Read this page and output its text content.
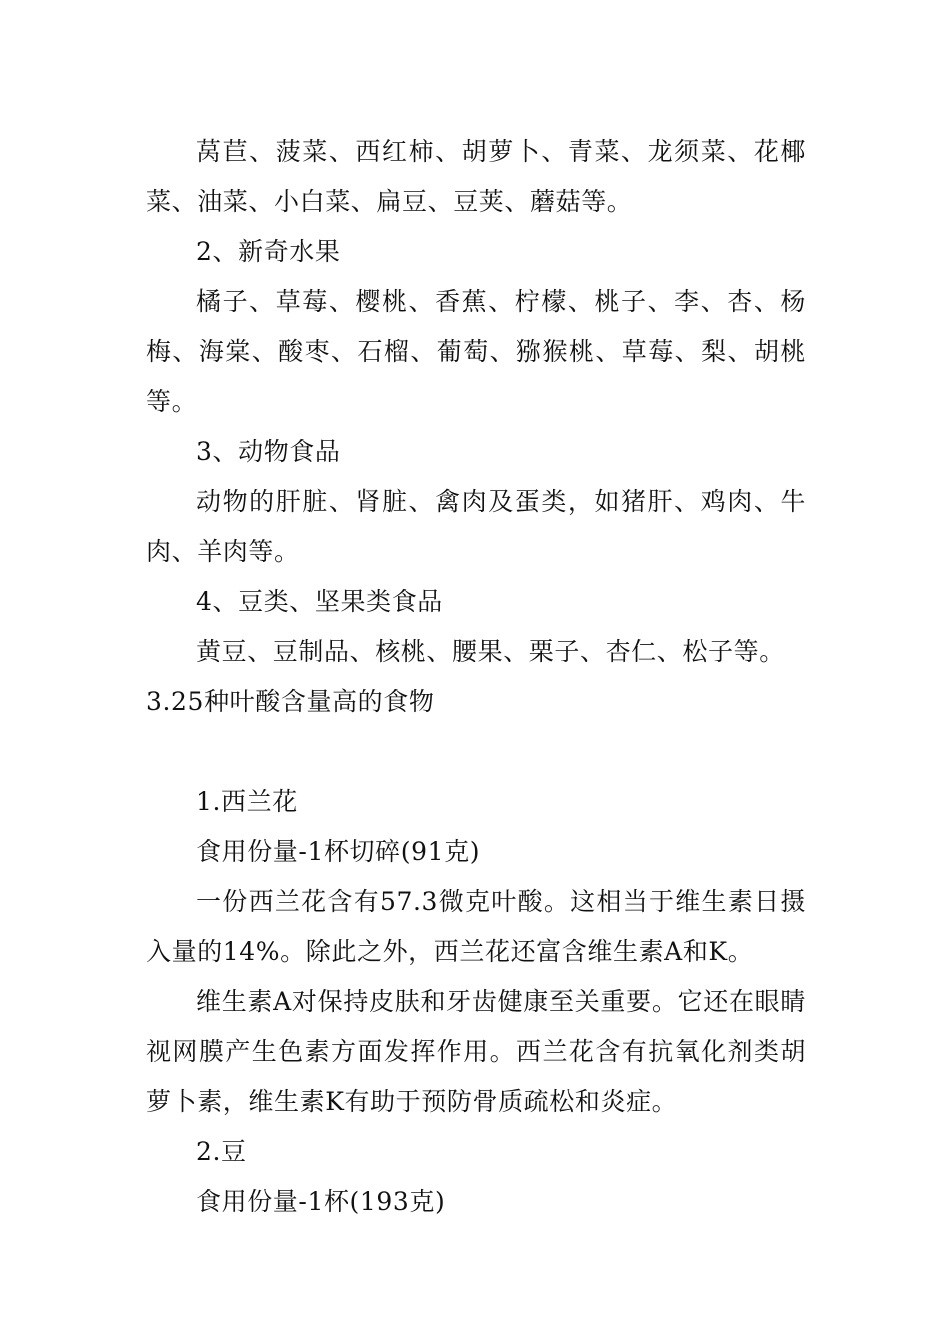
莴苣、菠菜、西红柿、胡萝卜、青菜、龙须菜、花椰菜、油菜、小白菜、扁豆、豆荚、蘑菇等。

2、新奇水果

橘子、草莓、樱桃、香蕉、柠檬、桃子、李、杏、杨梅、海棠、酸枣、石榴、葡萄、猕猴桃、草莓、梨、胡桃等。

3、动物食品

动物的肝脏、肾脏、禽肉及蛋类，如猪肝、鸡肉、牛肉、羊肉等。

4、豆类、坚果类食品

黄豆、豆制品、核桃、腰果、栗子、杏仁、松子等。

3.25种叶酸含量高的食物

1.西兰花

食用份量-1杯切碎(91克)

一份西兰花含有57.3微克叶酸。这相当于维生素日摄入量的14%。除此之外，西兰花还富含维生素A和K。

维生素A对保持皮肤和牙齿健康至关重要。它还在眼睛视网膜产生色素方面发挥作用。西兰花含有抗氧化剂类胡萝卜素，维生素K有助于预防骨质疏松和炎症。

2.豆

食用份量-1杯(193克)
